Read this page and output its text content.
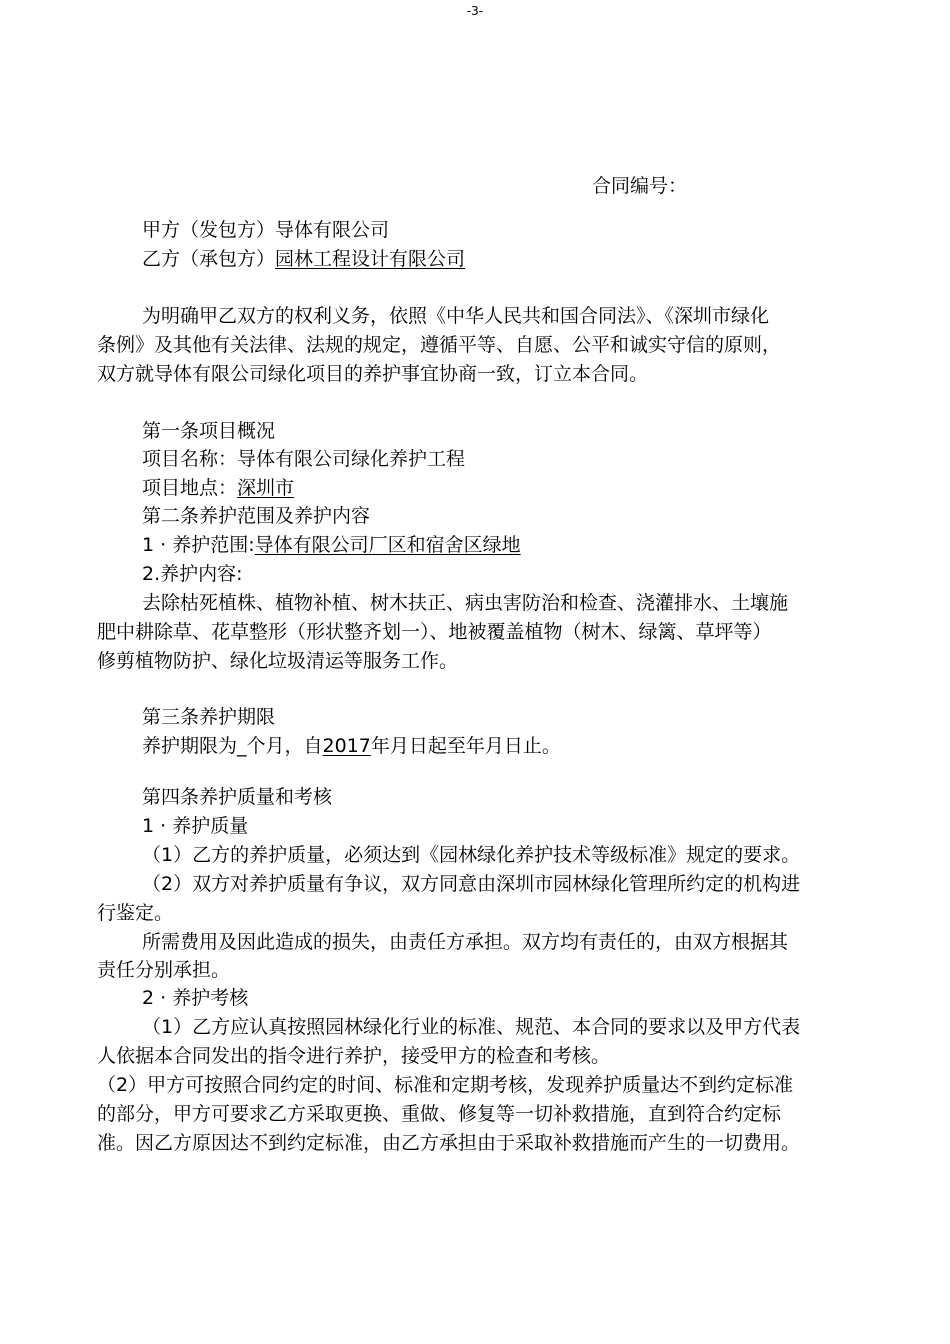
-3-
合同编号：
甲方（发包方）导体有限公司
乙方（承包方）园林工程设计有限公司
为明确甲乙双方的权利义务，依照《中华人民共和国合同法》、《深圳市绿化
条例》及其他有关法律、法规的规定，遵循平等、自愿、公平和诚实守信的原则，
双方就导体有限公司绿化项目的养护事宜协商一致，订立本合同。
第一条项目概况
项目名称：导体有限公司绿化养护工程
项目地点：深圳市
第二条养护范围及养护内容
1 · 养护范围:导体有限公司厂区和宿舍区绿地
2.养护内容:
去除枯死植株、植物补植、树木扶正、病虫害防治和检查、浇灌排水、土壤施
肥中耕除草、花草整形（形状整齐划一）、地被覆盖植物（树木、绿篱、草坪等）
修剪植物防护、绿化垃圾清运等服务工作。
第三条养护期限
养护期限为_个月，自2017年月日起至年月日止。
第四条养护质量和考核
1 · 养护质量
（1）乙方的养护质量，必须达到《园林绿化养护技术等级标准》规定的要求。
（2）双方对养护质量有争议，双方同意由深圳市园林绿化管理所约定的机构进
行鉴定。
所需费用及因此造成的损失，由责任方承担。双方均有责任的，由双方根据其
责任分别承担。
2 · 养护考核
（1）乙方应认真按照园林绿化行业的标准、规范、本合同的要求以及甲方代表
人依据本合同发出的指令进行养护，接受甲方的检查和考核。
（2）甲方可按照合同约定的时间、标准和定期考核，发现养护质量达不到约定标准
的部分，甲方可要求乙方采取更换、重做、修复等一切补救措施，直到符合约定标
准。因乙方原因达不到约定标准，由乙方承担由于采取补救措施而产生的一切费用。
